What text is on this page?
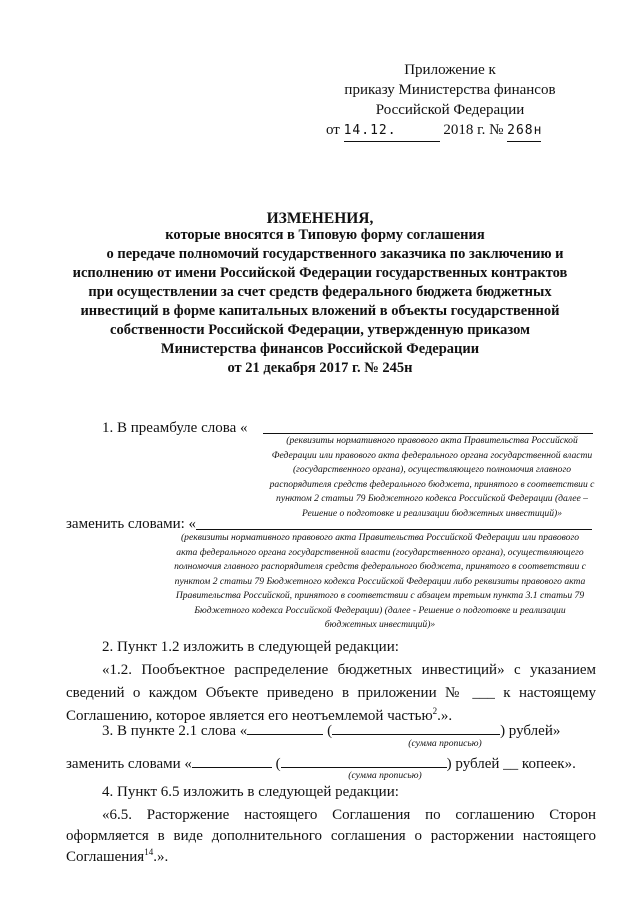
Приложение к
приказу Министерства финансов
Российской Федерации
от 14.12.	2018 г. № 268н
ИЗМЕНЕНИЯ,
которые вносятся в Типовую форму соглашения
о передаче полномочий государственного заказчика по заключению и
исполнению от имени Российской Федерации государственных контрактов
при осуществлении за счет средств федерального бюджета бюджетных
инвестиций в форме капитальных вложений в объекты государственной
собственности Российской Федерации, утвержденную приказом
Министерства финансов Российской Федерации
от 21 декабря 2017 г. № 245н
1. В преамбуле слова «
(реквизиты нормативного правового акта Правительства Российской
Федерации или правового акта федерального органа государственной власти
(государственного органа), осуществляющего полномочия главного
распорядителя средств федерального бюджета, принятого в соответствии с
пунктом 2 статьи 79 Бюджетного кодекса Российской Федерации (далее –
Решение о подготовке и реализации бюджетных инвестиций)»
заменить словами: «
(реквизиты нормативного правового акта Правительства Российской Федерации или правового
акта федерального органа государственной власти (государственного органа), осуществляющего
полномочия главного распорядителя средств федерального бюджета, принятого в соответствии с
пунктом 2 статьи 79 Бюджетного кодекса Российской Федерации либо реквизиты правового акта
Правительства Российской, принятого в соответствии с абзацем третьим пункта 3.1 статьи 79
Бюджетного кодекса Российской Федерации) (далее - Решение о подготовке и реализации
бюджетных инвестиций)»
2. Пункт 1.2 изложить в следующей редакции:
«1.2. Пообъектное распределение бюджетных инвестиций» с указанием
сведений о каждом Объекте приведено в приложении № ___ к настоящему
Соглашению, которое является его неотъемлемой частью$^2$.».
3. В пункте 2.1 слова «	(	) рублей»
(сумма прописью)
заменить словами «	(	) рублей __ копеек».
(сумма прописью)
4. Пункт 6.5 изложить в следующей редакции:
«6.5. Расторжение настоящего Соглашения по соглашению Сторон
оформляется в виде дополнительного соглашения о расторжении настоящего
Соглашения$^{14}$.».
